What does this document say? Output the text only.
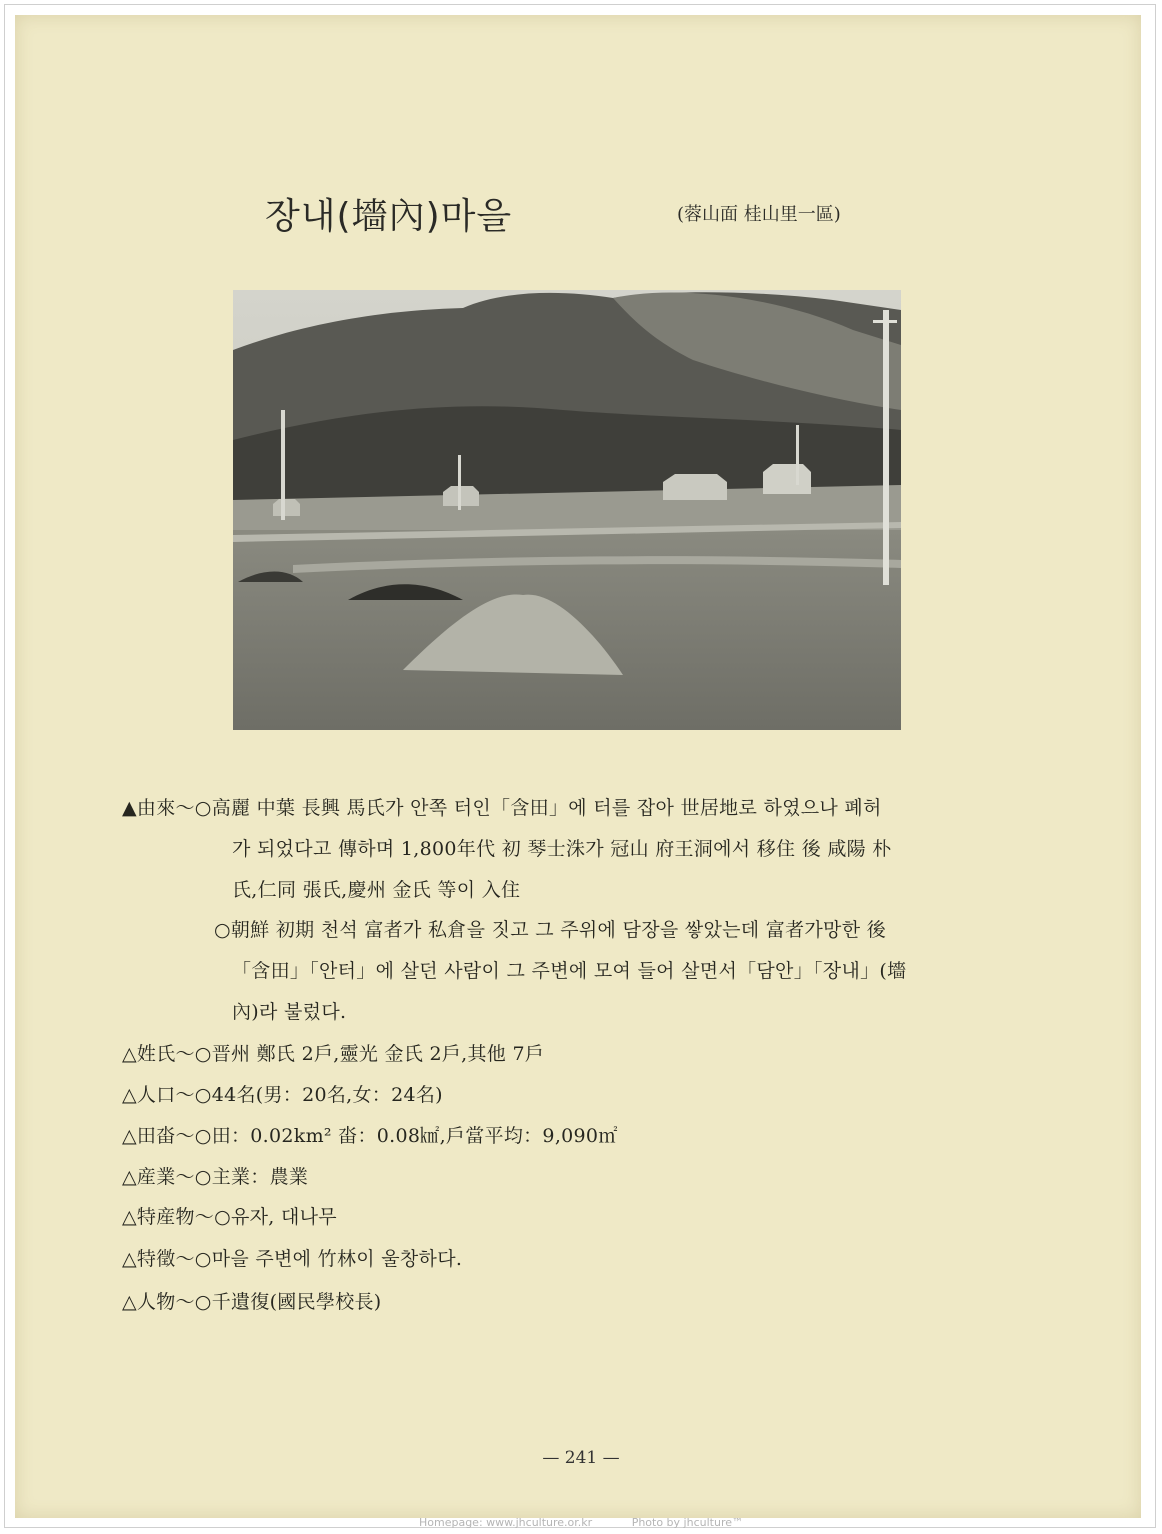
장내(墻內)마을	(蓉山面 桂山里一區)
▲由來～○高麗 中葉 長興 馬氏가 안쪽 터인「含田」에 터를 잡아 世居地로 하였으나 폐허
가 되었다고 傳하며 1,800年代 初 琴士洙가 冠山 府王洞에서 移住 後 咸陽 朴
氏,仁同 張氏,慶州 金氏 等이 入住
○朝鮮 初期 천석 富者가 私倉을 짓고 그 주위에 담장을 쌓았는데 富者가망한 後
「含田」「안터」에 살던 사람이 그 주변에 모여 들어 살면서「담안」「장내」(墻
內)라 불렀다.
△姓氏～○晋州 鄭氏 2戶,靈光 金氏 2戶,其他 7戶
△人口～○44名(男：20名,女：24名)
△田畓～○田：0.02km² 畓：0.08㎢,戶當平均：9,090㎡
△産業～○主業：農業
△特産物～○유자, 대나무
△特徵～○마을 주변에 竹林이 울창하다.
△人物～○千遺復(國民學校長)
— 241 —
Homepage: www.jhculture.or.kr	Photo by jhculture™
